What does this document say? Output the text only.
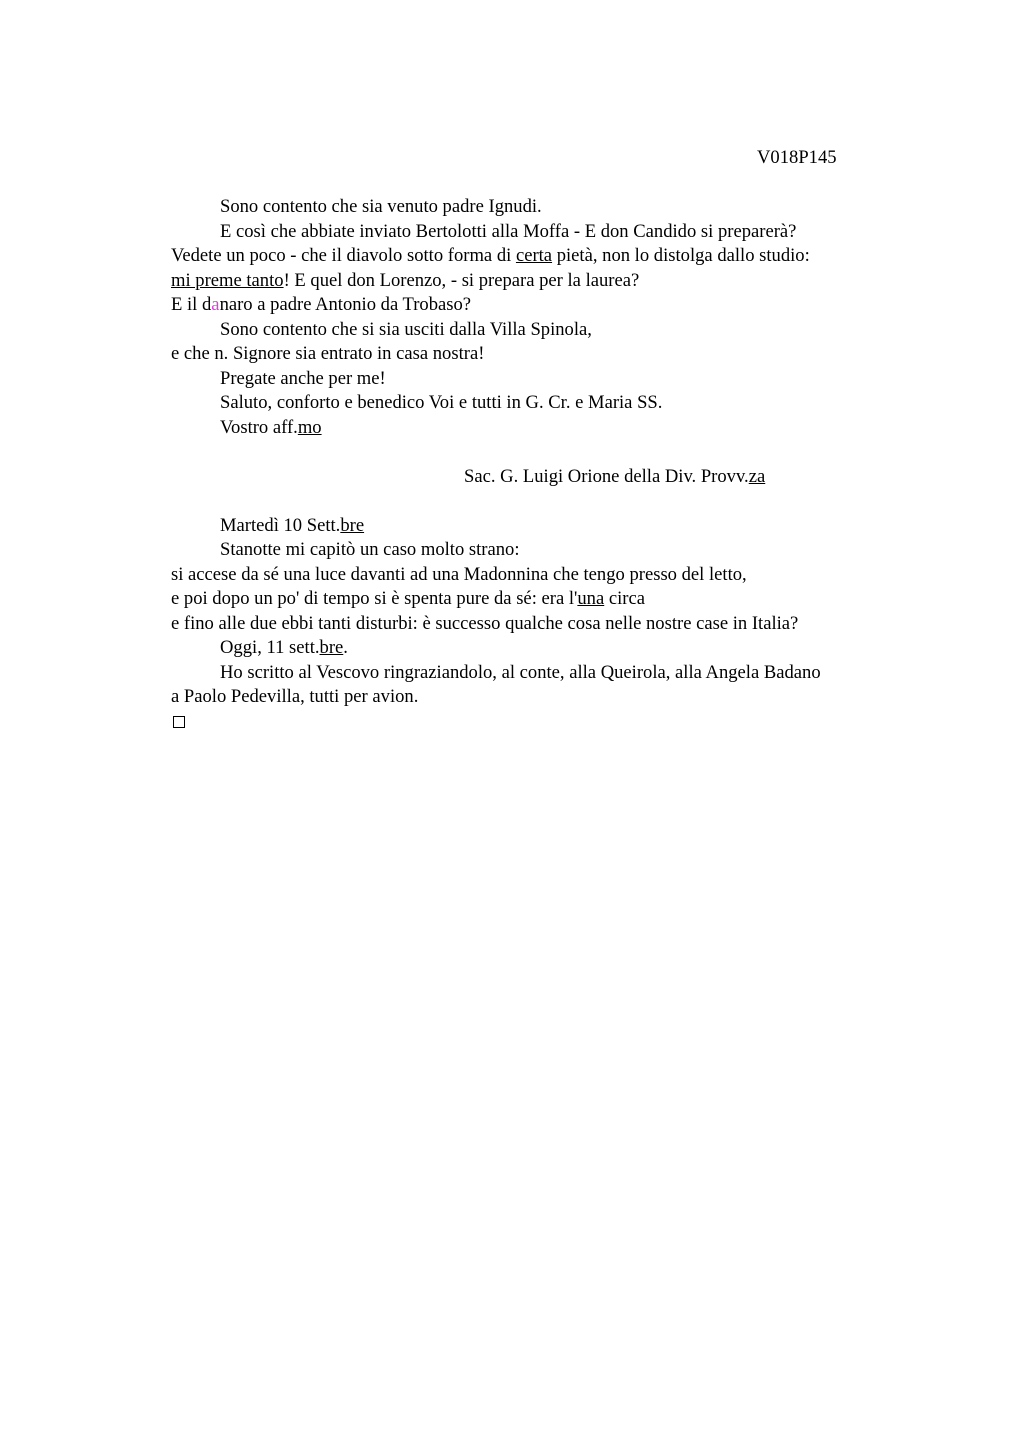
V018P145
Sono contento che sia venuto padre Ignudi.
E così che abbiate inviato Bertolotti alla Moffa - E don Candido si preparerà?
Vedete un poco - che il diavolo sotto forma di certa pietà, non lo distolga dallo studio:
mi preme tanto! E quel don Lorenzo, - si prepara per la laurea?
E il danaro a padre Antonio da Trobaso?
Sono contento che si sia usciti dalla Villa Spinola,
e che n. Signore sia entrato in casa nostra!
Pregate anche per me!
Saluto, conforto e benedico Voi e tutti in G. Cr. e Maria SS.
Vostro aff.mo
Sac. G. Luigi Orione della Div. Provv.za
Martedì 10 Sett.bre
Stanotte mi capitò un caso molto strano:
si accese da sé una luce davanti ad una Madonnina che tengo presso del letto,
e poi dopo un po' di tempo si è spenta pure da sé: era l'una circa
e fino alle due ebbi tanti disturbi: è successo qualche cosa nelle nostre case in Italia?
Oggi, 11 sett.bre.
Ho scritto al Vescovo ringraziandolo, al conte, alla Queirola, alla Angela Badano
a Paolo Pedevilla, tutti per avion.
